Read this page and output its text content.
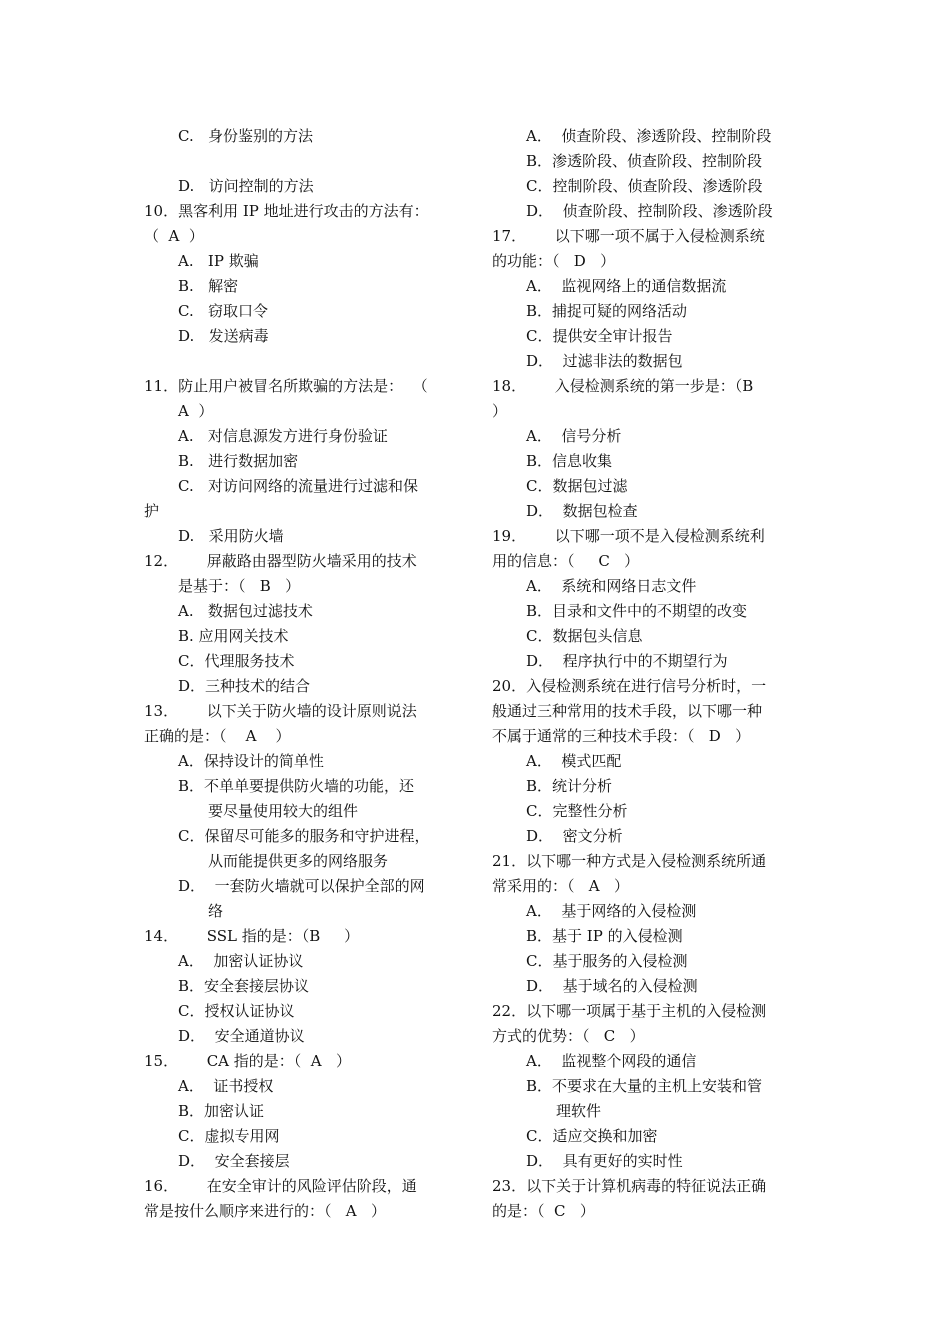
C.   身份鉴别的方法
D.   访问控制的方法
10．黑客利用 IP 地址进行攻击的方法有：
（  A  ）
A.   IP 欺骗
B.   解密
C.   窃取口令
D.   发送病毒
11．防止用户被冒名所欺骗的方法是：  （
A  ）
A.   对信息源发方进行身份验证
B.   进行数据加密
C.   对访问网络的流量进行过滤和保
护
D.   采用防火墙
12．      屏蔽路由器型防火墙采用的技术
是基于：（   B   ）
A.   数据包过滤技术
B. 应用网关技术
C．代理服务技术
D．三种技术的结合
13．      以下关于防火墙的设计原则说法
正确的是：（    A    ）
A．保持设计的简单性
B．不单单要提供防火墙的功能，还
要尽量使用较大的组件
C．保留尽可能多的服务和守护进程，
从而能提供更多的网络服务
D．  一套防火墙就可以保护全部的网
络
14．      SSL 指的是：（B     ）
A．  加密认证协议
B．安全套接层协议
C．授权认证协议
D．  安全通道协议
15．      CA 指的是：（  A   ）
A．  证书授权
B．加密认证
C．虚拟专用网
D．  安全套接层
16．      在安全审计的风险评估阶段，通
常是按什么顺序来进行的：（   A   ）
A．  侦查阶段、渗透阶段、控制阶段
B．渗透阶段、侦查阶段、控制阶段
C．控制阶段、侦查阶段、渗透阶段
D．  侦查阶段、控制阶段、渗透阶段
17．      以下哪一项不属于入侵检测系统
的功能：（   D   ）
A．  监视网络上的通信数据流
B．捕捉可疑的网络活动
C．提供安全审计报告
D．  过滤非法的数据包
18．      入侵检测系统的第一步是：（B
）
A．  信号分析
B．信息收集
C．数据包过滤
D．  数据包检查
19．      以下哪一项不是入侵检测系统利
用的信息：（     C   ）
A．  系统和网络日志文件
B．目录和文件中的不期望的改变
C．数据包头信息
D．  程序执行中的不期望行为
20．入侵检测系统在进行信号分析时，一
般通过三种常用的技术手段，以下哪一种
不属于通常的三种技术手段：（   D   ）
A．  模式匹配
B．统计分析
C．完整性分析
D．  密文分析
21．以下哪一种方式是入侵检测系统所通
常采用的：（   A   ）
A．  基于网络的入侵检测
B．基于 IP 的入侵检测
C．基于服务的入侵检测
D．  基于域名的入侵检测
22．以下哪一项属于基于主机的入侵检测
方式的优势：（   C   ）
A．  监视整个网段的通信
B．不要求在大量的主机上安装和管
理软件
C．适应交换和加密
D．  具有更好的实时性
23．以下关于计算机病毒的特征说法正确
的是：（  C   ）
